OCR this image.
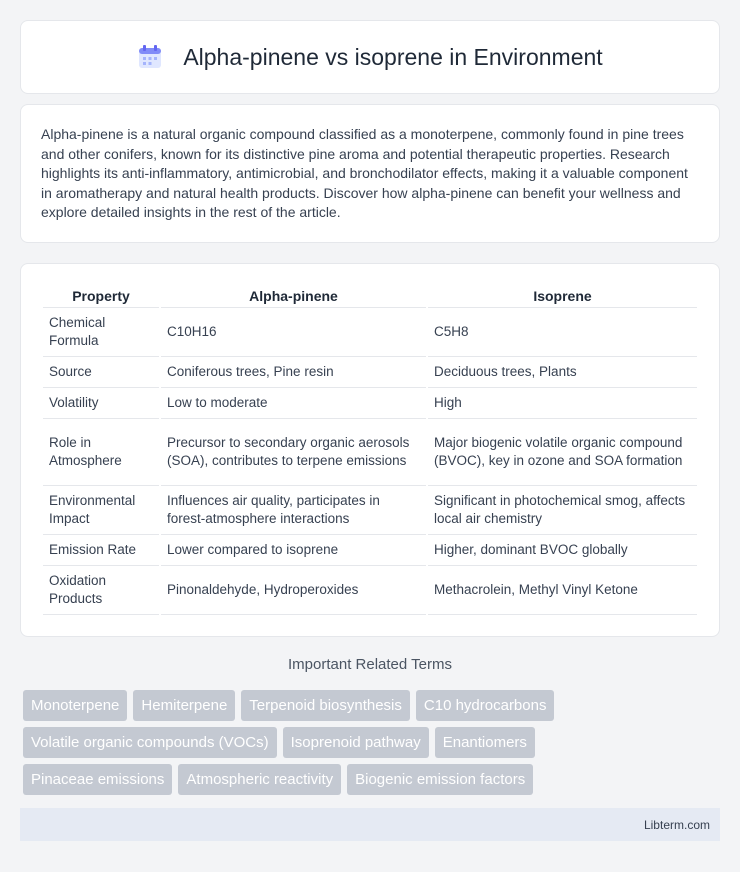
Alpha-pinene vs isoprene in Environment

Alpha-pinene is a natural organic compound classified as a monoterpene, commonly found in pine trees and other conifers, known for its distinctive pine aroma and potential therapeutic properties. Research highlights its anti-inflammatory, antimicrobial, and bronchodilator effects, making it a valuable component in aromatherapy and natural health products. Discover how alpha-pinene can benefit your wellness and explore detailed insights in the rest of the article.

Property	Alpha-pinene	Isoprene
Chemical Formula	C10H16	C5H8
Source	Coniferous trees, Pine resin	Deciduous trees, Plants
Volatility	Low to moderate	High
Role in Atmosphere	Precursor to secondary organic aerosols (SOA), contributes to terpene emissions	Major biogenic volatile organic compound (BVOC), key in ozone and SOA formation
Environmental Impact	Influences air quality, participates in forest-atmosphere interactions	Significant in photochemical smog, affects local air chemistry
Emission Rate	Lower compared to isoprene	Higher, dominant BVOC globally
Oxidation Products	Pinonaldehyde, Hydroperoxides	Methacrolein, Methyl Vinyl Ketone
Important Related Terms
Monoterpene	Hemiterpene	Terpenoid biosynthesis	C10 hydrocarbons
Volatile organic compounds (VOCs)	Isoprenoid pathway	Enantiomers
Pinaceae emissions	Atmospheric reactivity	Biogenic emission factors
Libterm.com
